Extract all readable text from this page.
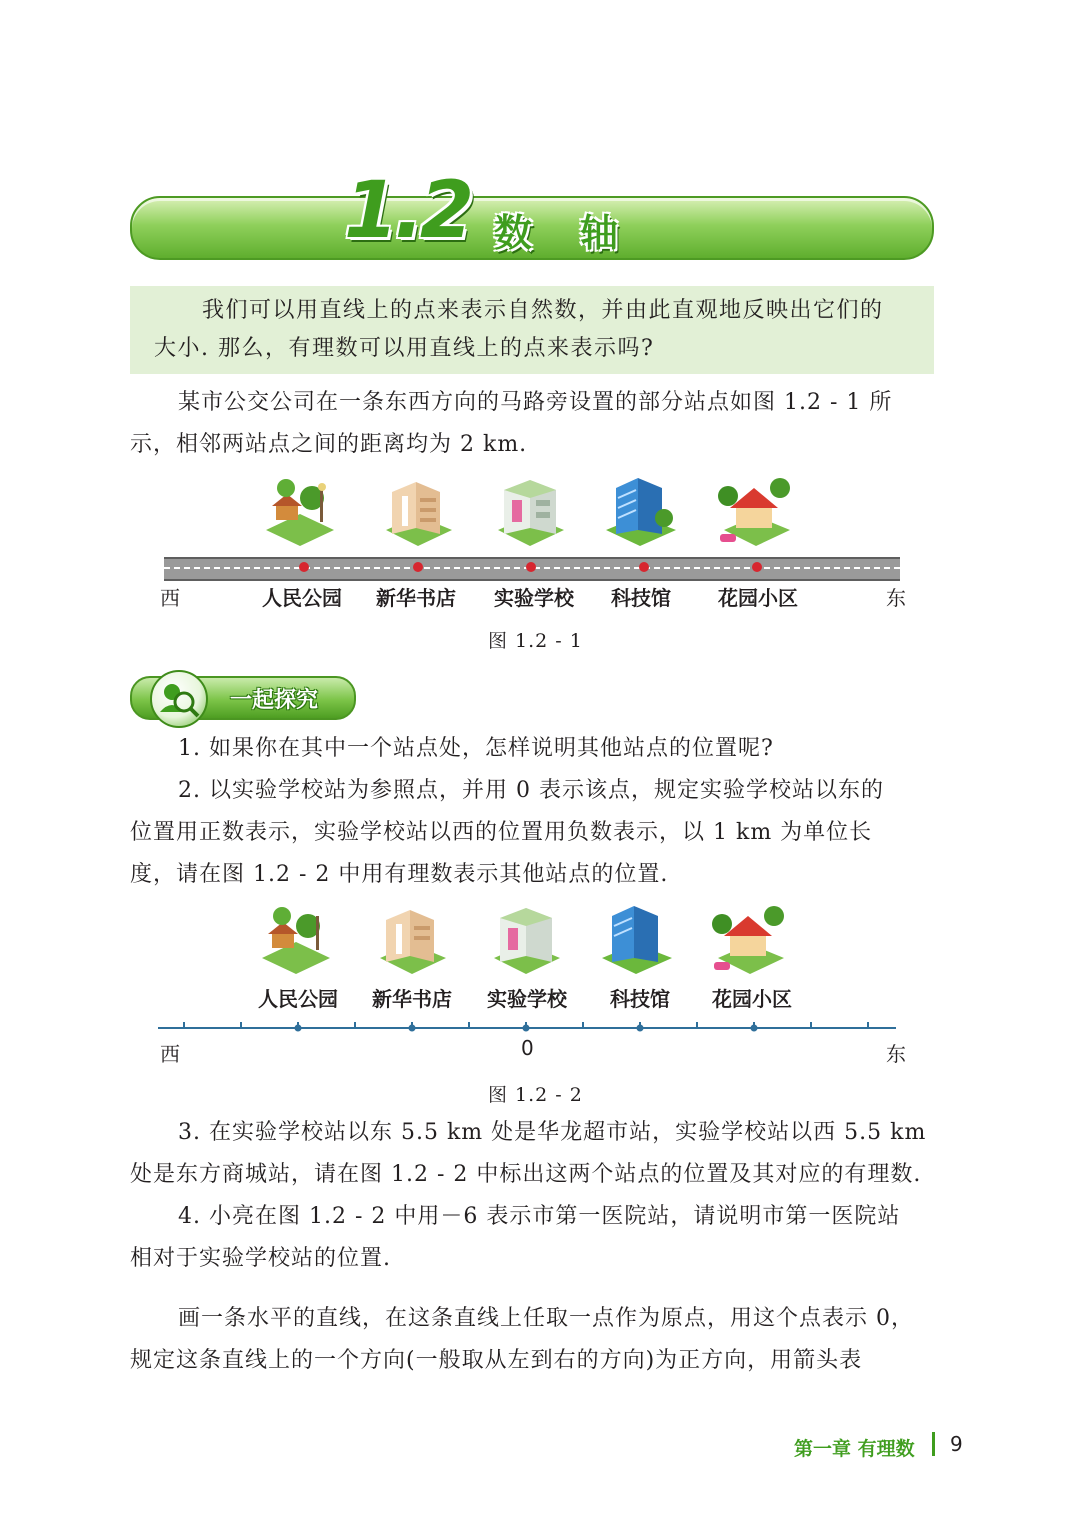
1.2 数轴

我们可以用直线上的点来表示自然数，并由此直观地反映出它们的

大小. 那么，有理数可以用直线上的点来表示吗?

某市公交公司在一条东西方向的马路旁设置的部分站点如图 1.2 - 1 所

示，相邻两站点之间的距离均为 2 km.

西	人民公园 新华书店 实验学校 科技馆 花园小区	东
图 1.2 - 1
一起探究

1. 如果你在其中一个站点处，怎样说明其他站点的位置呢?

2. 以实验学校站为参照点，并用 0 表示该点，规定实验学校站以东的

位置用正数表示，实验学校站以西的位置用负数表示，以 1 km 为单位长

度，请在图 1.2 - 2 中用有理数表示其他站点的位置.

人民公园 新华书店 实验学校 科技馆 花园小区
西	0	东
图 1.2 - 2

3. 在实验学校站以东 5.5 km 处是华龙超市站，实验学校站以西 5.5 km

处是东方商城站，请在图 1.2 - 2 中标出这两个站点的位置及其对应的有理数.

4. 小亮在图 1.2 - 2 中用－6 表示市第一医院站，请说明市第一医院站

相对于实验学校站的位置.

画一条水平的直线，在这条直线上任取一点作为原点，用这个点表示 0，

规定这条直线上的一个方向(一般取从左到右的方向)为正方向，用箭头表

第一章 有理数 9
